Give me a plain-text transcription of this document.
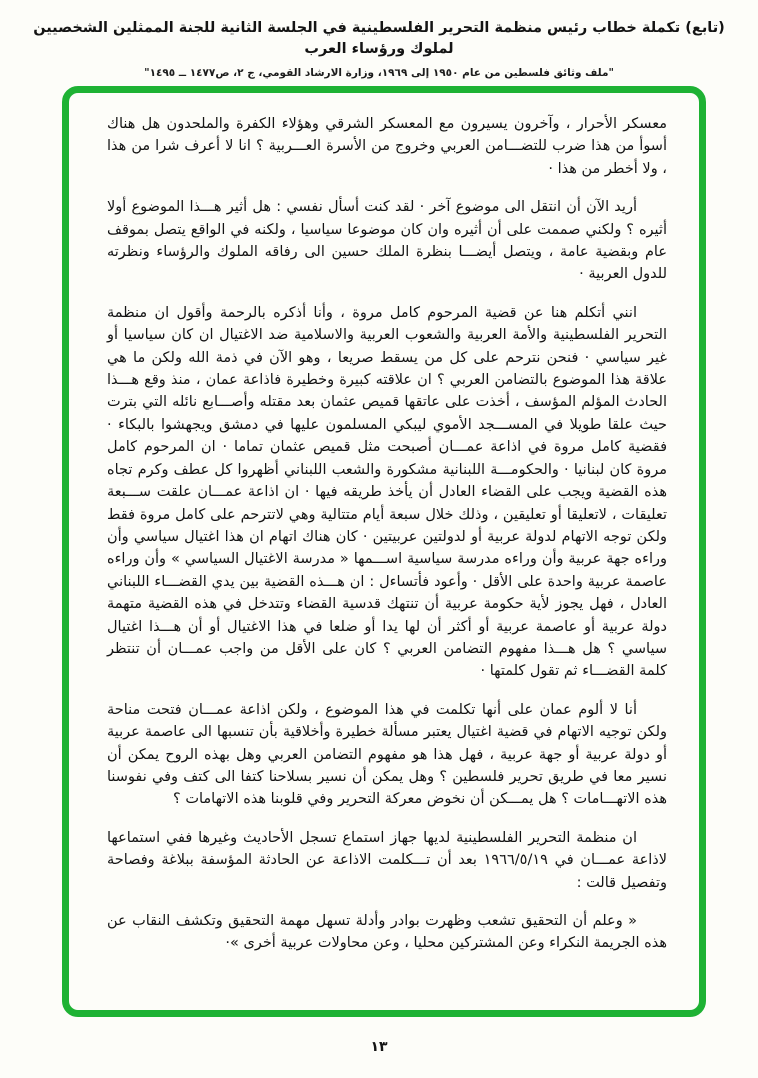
(تابع) تكملة خطاب رئيس منظمة التحرير الفلسطينية في الجلسة الثانية للجنة الممثلين الشخصيين لملوك ورؤساء العرب
"ملف وثائق فلسطين من عام ١٩٥٠ إلى ١٩٦٩، وزارة الارشاد القومي، ج ٢، ص١٤٧٧ ــ ١٤٩٥"

معسكر الأحرار ، وآخرون يسيرون مع المعسكر الشرقي وهؤلاء الكفرة والملحدون هل هناك أسوأ من هذا ضرب للتضـــامن العربي وخروج من الأسرة العـــربية ؟ انا لا أعرف شرا من هذا ، ولا أخطر من هذا ·

أريد الآن أن انتقل الى موضوع آخر · لقد كنت أسأل نفسي : هل أثير هـــذا الموضوع أولا أثيره ؟ ولكني صممت على أن أثيره وان كان موضوعا سياسيا ، ولكنه في الواقع يتصل بموقف عام وبقضية عامة ، ويتصل أيضـــا بنظرة الملك حسين الى رفاقه الملوك والرؤساء ونظرته للدول العربية ·

انني أتكلم هنا عن قضية المرحوم كامل مروة ، وأنا أذكره بالرحمة وأقول ان منظمة التحرير الفلسطينية والأمة العربية والشعوب العربية والاسلامية ضد الاغتيال ان كان سياسيا أو غير سياسي · فنحن نترحم على كل من يسقط صريعا ، وهو الآن في ذمة الله ولكن ما هي علاقة هذا الموضوع بالتضامن العربي ؟ ان علاقته كبيرة وخطيرة فاذاعة عمان ، منذ وقع هـــذا الحادث المؤلم المؤسف ، أخذت على عاتقها قميص عثمان بعد مقتله وأصـــابع نائله التي بترت حيث علقا طويلا في المســـجد الأموي ليبكي المسلمون عليها في دمشق ويجهشوا بالبكاء · فقضية كامل مروة في اذاعة عمـــان أصبحت مثل قميص عثمان تماما · ان المرحوم كامل مروة كان لبنانيا · والحكومـــة اللبنانية مشكورة والشعب اللبناني أظهروا كل عطف وكرم تجاه هذه القضية ويجب على القضاء العادل أن يأخذ طريقه فيها · ان اذاعة عمـــان علقت ســـبعة تعليقات ، لاتعليقا أو تعليقين ، وذلك خلال سبعة أيام متتالية وهي لاتترحم على كامل مروة فقط ولكن توجه الاتهام لدولة عربية أو لدولتين عربيتين · كان هناك اتهام ان هذا اغتيال سياسي وأن وراءه جهة عربية وأن وراءه مدرسة سياسية اســـمها « مدرسة الاغتيال السياسي » وأن وراءه عاصمة عربية واحدة على الأقل · وأعود فأتساءل : ان هـــذه القضية بين يدي القضـــاء اللبناني العادل ، فهل يجوز لأية حكومة عربية أن تنتهك قدسية القضاء وتتدخل في هذه القضية متهمة دولة عربية أو عاصمة عربية أو أكثر أن لها يدا أو ضلعا في هذا الاغتيال أو أن هـــذا اغتيال سياسي ؟ هل هـــذا مفهوم التضامن العربي ؟ كان على الأقل من واجب عمـــان أن تنتظر كلمة القضـــاء ثم تقول كلمتها ·

أنا لا ألوم عمان على أنها تكلمت في هذا الموضوع ، ولكن اذاعة عمـــان فتحت مناحة ولكن توجيه الاتهام في قضية اغتيال يعتبر مسألة خطيرة وأخلاقية بأن تنسبها الى عاصمة عربية أو دولة عربية أو جهة عربية ، فهل هذا هو مفهوم التضامن العربي وهل بهذه الروح يمكن أن نسير معا في طريق تحرير فلسطين ؟ وهل يمكن أن نسير بسلاحنا كتفا الى كتف وفي نفوسنا هذه الاتهـــامات ؟ هل يمـــكن أن نخوض معركة التحرير وفي قلوبنا هذه الاتهامات ؟

ان منظمة التحرير الفلسطينية لديها جهاز استماع تسجل الأحاديث وغيرها ففي استماعها لاذاعة عمـــان في ١٩٦٦/٥/١٩ بعد أن تـــكلمت الاذاعة عن الحادثة المؤسفة ببلاغة وفصاحة وتفصيل قالت :

« وعلم أن التحقيق تشعب وظهرت بوادر وأدلة تسهل مهمة التحقيق وتكشف النقاب عن هذه الجريمة النكراء وعن المشتركين محليا ، وعن محاولات عربية أخرى »·

١٣
